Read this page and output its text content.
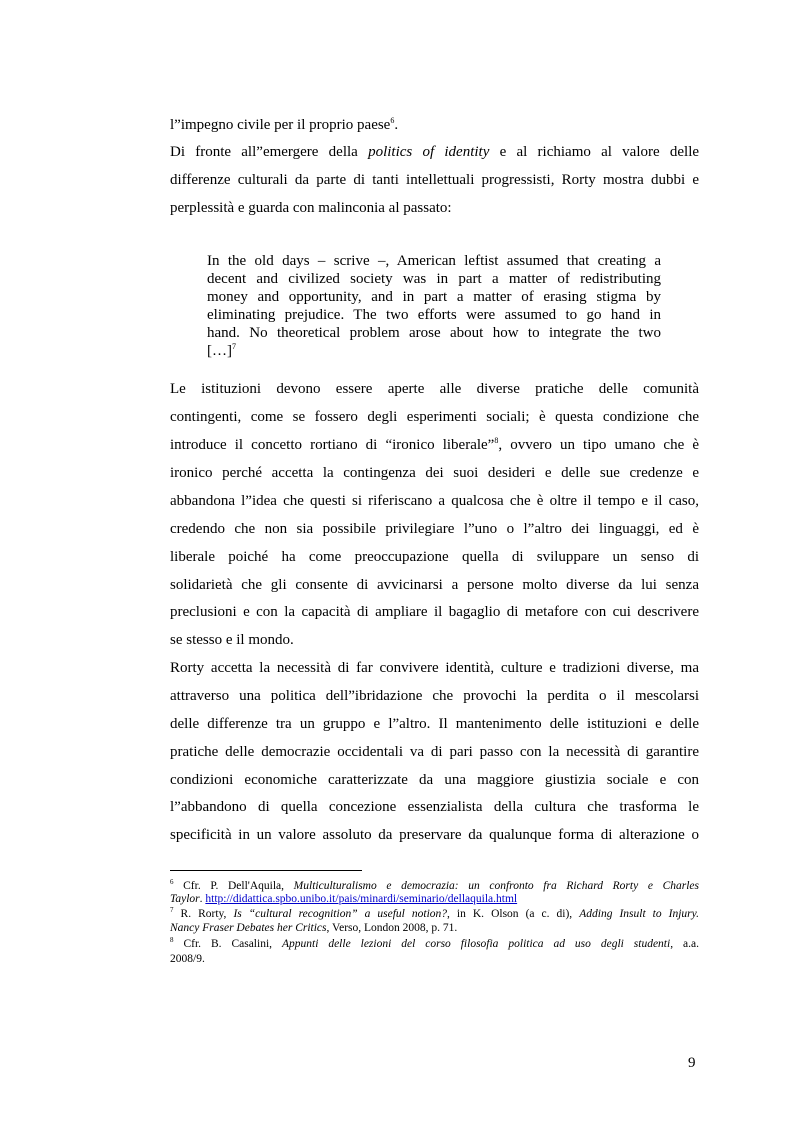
l”impegno civile per il proprio paese$^6$.
Di fronte all”emergere della politics of identity e al richiamo al valore delle
differenze culturali da parte di tanti intellettuali progressisti, Rorty mostra dubbi e
perplessità e guarda con malinconia al passato:
In the old days – scrive –, American leftist assumed that creating a
decent and civilized society was in part a matter of redistributing
money and opportunity, and in part a matter of erasing stigma by
eliminating prejudice. The two efforts were assumed to go hand in
hand. No theoretical problem arose about how to integrate the two
[…]$^7$
Le istituzioni devono essere aperte alle diverse pratiche delle comunità
contingenti, come se fossero degli esperimenti sociali; è questa condizione che
introduce il concetto rortiano di “ironico liberale”$^8$, ovvero un tipo umano che è
ironico perché accetta la contingenza dei suoi desideri e delle sue credenze e
abbandona l”idea che questi si riferiscano a qualcosa che è oltre il tempo e il caso,
credendo che non sia possibile privilegiare l”uno o l”altro dei linguaggi, ed è
liberale poiché ha come preoccupazione quella di sviluppare un senso di
solidarietà che gli consente di avvicinarsi a persone molto diverse da lui senza
preclusioni e con la capacità di ampliare il bagaglio di metafore con cui descrivere
se stesso e il mondo.
Rorty accetta la necessità di far convivere identità, culture e tradizioni diverse, ma
attraverso una politica dell”ibridazione che provochi la perdita o il mescolarsi
delle differenze tra un gruppo e l”altro. Il mantenimento delle istituzioni e delle
pratiche delle democrazie occidentali va di pari passo con la necessità di garantire
condizioni economiche caratterizzate da una maggiore giustizia sociale e con
l”abbandono di quella concezione essenzialista della cultura che trasforma le
specificità in un valore assoluto da preservare da qualunque forma di alterazione o
$^6$ Cfr. P. Dell'Aquila, Multiculturalismo e democrazia: un confronto fra Richard Rorty e Charles
Taylor. http://didattica.spbo.unibo.it/pais/minardi/seminario/dellaquila.html
$^7$ R. Rorty, Is “cultural recognition” a useful notion?, in K. Olson (a c. di), Adding Insult to Injury.
Nancy Fraser Debates her Critics, Verso, London 2008, p. 71.
$^8$ Cfr. B. Casalini, Appunti delle lezioni del corso filosofia politica ad uso degli studenti, a.a.
2008/9.
9
